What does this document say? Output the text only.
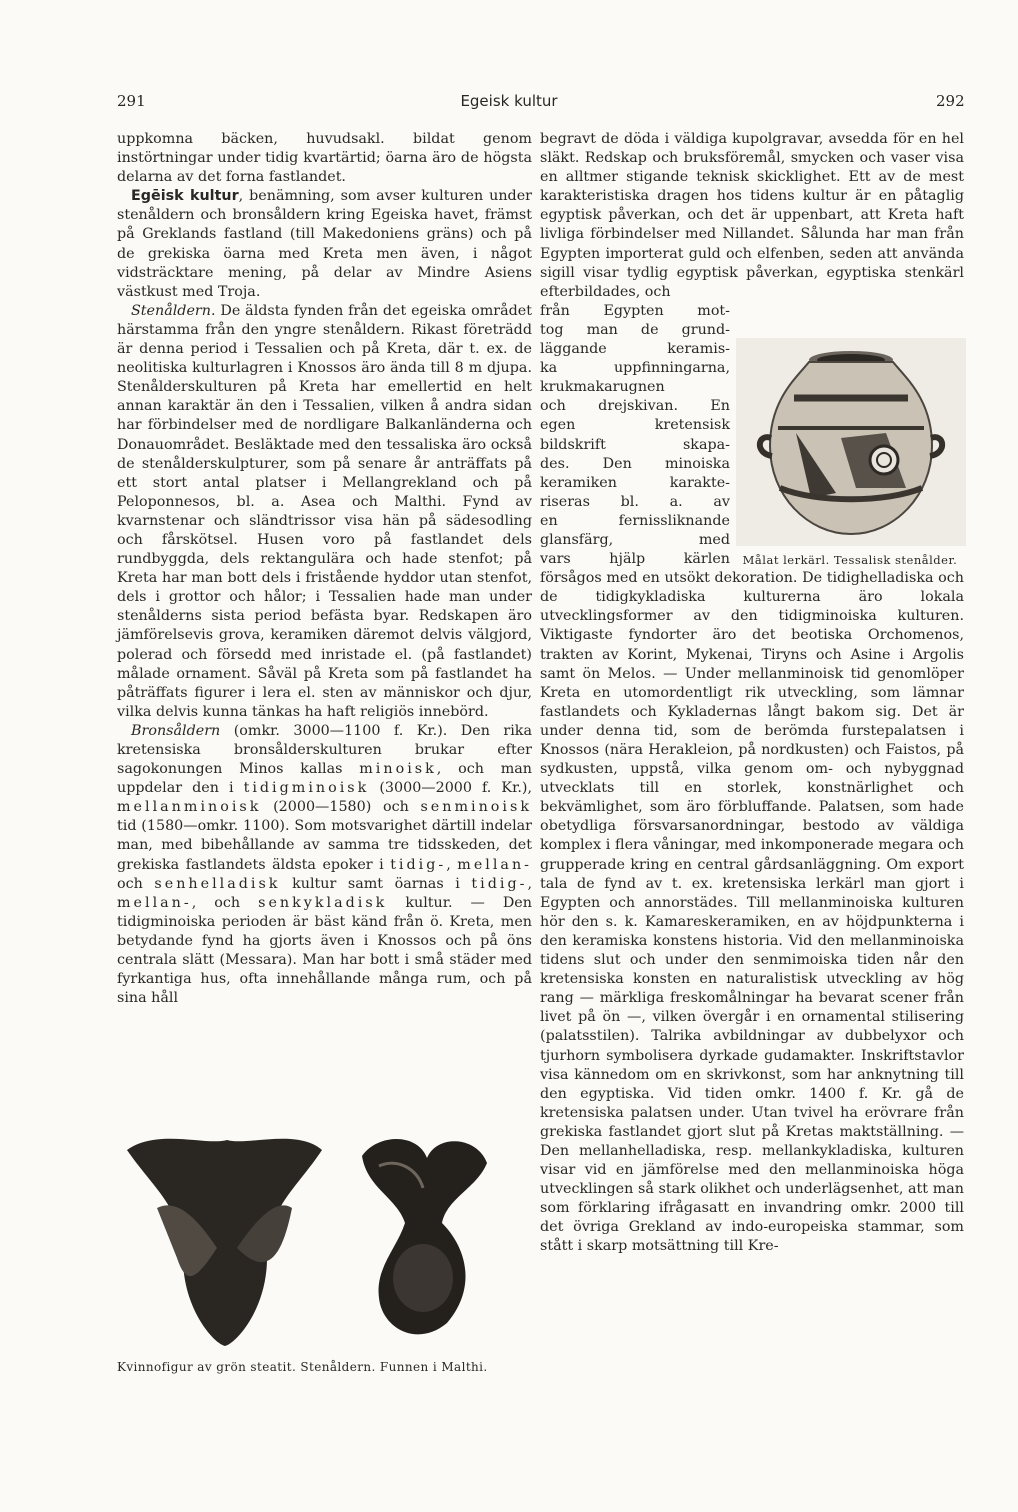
291	Egeisk kultur	292

uppkomna bäcken, huvudsakl. bildat genom instörtningar under tidig kvartärtid; öarna äro de högsta delarna av det forna fastlandet.

Egēisk kultur, benämning, som avser kulturen under stenåldern och bronsåldern kring Egeiska havet, främst på Greklands fastland (till Makedoniens gräns) och på de grekiska öarna med Kreta men även, i något vidsträcktare mening, på delar av Mindre Asiens västkust med Troja.

Stenåldern. De äldsta fynden från det egeiska området härstamma från den yngre stenåldern. Rikast företrädd är denna period i Tessalien och på Kreta, där t. ex. de neolitiska kulturlagren i Knossos äro ända till 8 m djupa. Stenålderskulturen på Kreta har emellertid en helt annan karaktär än den i Tessalien, vilken å andra sidan har förbindelser med de nordligare Balkanländerna och Donauområdet. Besläktade med den tessaliska äro också de stenålderskulpturer, som på senare år anträffats på ett stort antal platser i Mellangrekland och på Peloponnesos, bl. a. Asea och Malthi. Fynd av kvarnstenar och sländtrissor visa hän på sädesodling och fårskötsel. Husen voro på fastlandet dels rundbyggda, dels rektangulära och hade stenfot; på Kreta har man bott dels i fristående hyddor utan stenfot, dels i grottor och hålor; i Tessalien hade man under stenålderns sista period befästa byar. Redskapen äro jämförelsevis grova, keramiken däremot delvis välgjord, polerad och försedd med inristade el. (på fastlandet) målade ornament. Såväl på Kreta som på fastlandet ha påträffats figurer i lera el. sten av människor och djur, vilka delvis kunna tänkas ha haft religiös innebörd.

Bronsåldern (omkr. 3000—1100 f. Kr.). Den rika kretensiska bronsålderskulturen brukar efter sagokonungen Minos kallas minoisk, och man uppdelar den i tidigminoisk (3000—2000 f. Kr.), mellanminoisk (2000—1580) och senminoisk tid (1580—omkr. 1100). Som motsvarighet därtill indelar man, med bibehållande av samma tre tidsskeden, det grekiska fastlandets äldsta epoker i tidig-, mellan- och senhelladisk kultur samt öarnas i tidig-, mellan-, och senkykladisk kultur. — Den tidigminoiska perioden är bäst känd från ö. Kreta, men betydande fynd ha gjorts även i Knossos och på öns centrala slätt (Messara). Man har bott i små städer med fyrkantiga hus, ofta innehållande många rum, och på sina håll

begravt de döda i väldiga kupolgravar, avsedda för en hel släkt. Redskap och bruksföremål, smycken och vaser visa en alltmer stigande teknisk skicklighet. Ett av de mest karakteristiska dragen hos tidens kultur är en påtaglig egyptisk påverkan, och det är uppenbart, att Kreta haft livliga förbindelser med Nillandet. Sålunda har man från Egypten importerat guld och elfenben, seden att använda sigill visar tydlig egyptisk påverkan, egyptiska stenkärl efterbildades, och

från Egypten mot-
tog man de grund-
läggande keramis-
ka uppfinningarna,
krukmakarugnen
och drejskivan. En
egen kretensisk
bildskrift skapa-
des. Den minoiska
keramiken karakte-
riseras bl. a. av
en fernissliknande
glansfärg, med
vars hjälp kärlen

försågos med en utsökt dekoration. De tidighelladiska och de tidigkykladiska kulturerna äro lokala utvecklingsformer av den tidigminoiska kulturen. Viktigaste fyndorter äro det beotiska Orchomenos, trakten av Korint, Mykenai, Tiryns och Asine i Argolis samt ön Melos. — Under mellanminoisk tid genomlöper Kreta en utomordentligt rik utveckling, som lämnar fastlandets och Kykladernas långt bakom sig. Det är under denna tid, som de berömda furstepalatsen i Knossos (nära Herakleion, på nordkusten) och Faistos, på sydkusten, uppstå, vilka genom om- och nybyggnad utvecklats till en storlek, konstnärlighet och bekvämlighet, som äro förbluffande. Palatsen, som hade obetydliga försvarsanordningar, bestodo av väldiga komplex i flera våningar, med inkomponerade megara och grupperade kring en central gårdsanläggning. Om export tala de fynd av t. ex. kretensiska lerkärl man gjort i Egypten och annorstädes. Till mellanminoiska kulturen hör den s. k. Kamareskeramiken, en av höjdpunkterna i den keramiska konstens historia. Vid den mellanminoiska tidens slut och under den senmimoiska tiden når den kretensiska konsten en naturalistisk utveckling av hög rang — märkliga freskomålningar ha bevarat scener från livet på ön —, vilken övergår i en ornamental stilisering (palatsstilen). Talrika avbildningar av dubbelyxor och tjurhorn symbolisera dyrkade gudamakter. Inskriftstavlor visa kännedom om en skrivkonst, som har anknytning till den egyptiska. Vid tiden omkr. 1400 f. Kr. gå de kretensiska palatsen under. Utan tvivel ha erövrare från grekiska fastlandet gjort slut på Kretas maktställning. — Den mellanhelladiska, resp. mellankykladiska, kulturen visar vid en jämförelse med den mellanminoiska höga utvecklingen så stark olikhet och underlägsenhet, att man som förklaring ifrågasatt en invandring omkr. 2000 till det övriga Grekland av indo-europeiska stammar, som stått i skarp motsättning till Kre-

Målat lerkärl. Tessalisk stenålder.
Kvinnofigur av grön steatit. Stenåldern. Funnen i Malthi.
